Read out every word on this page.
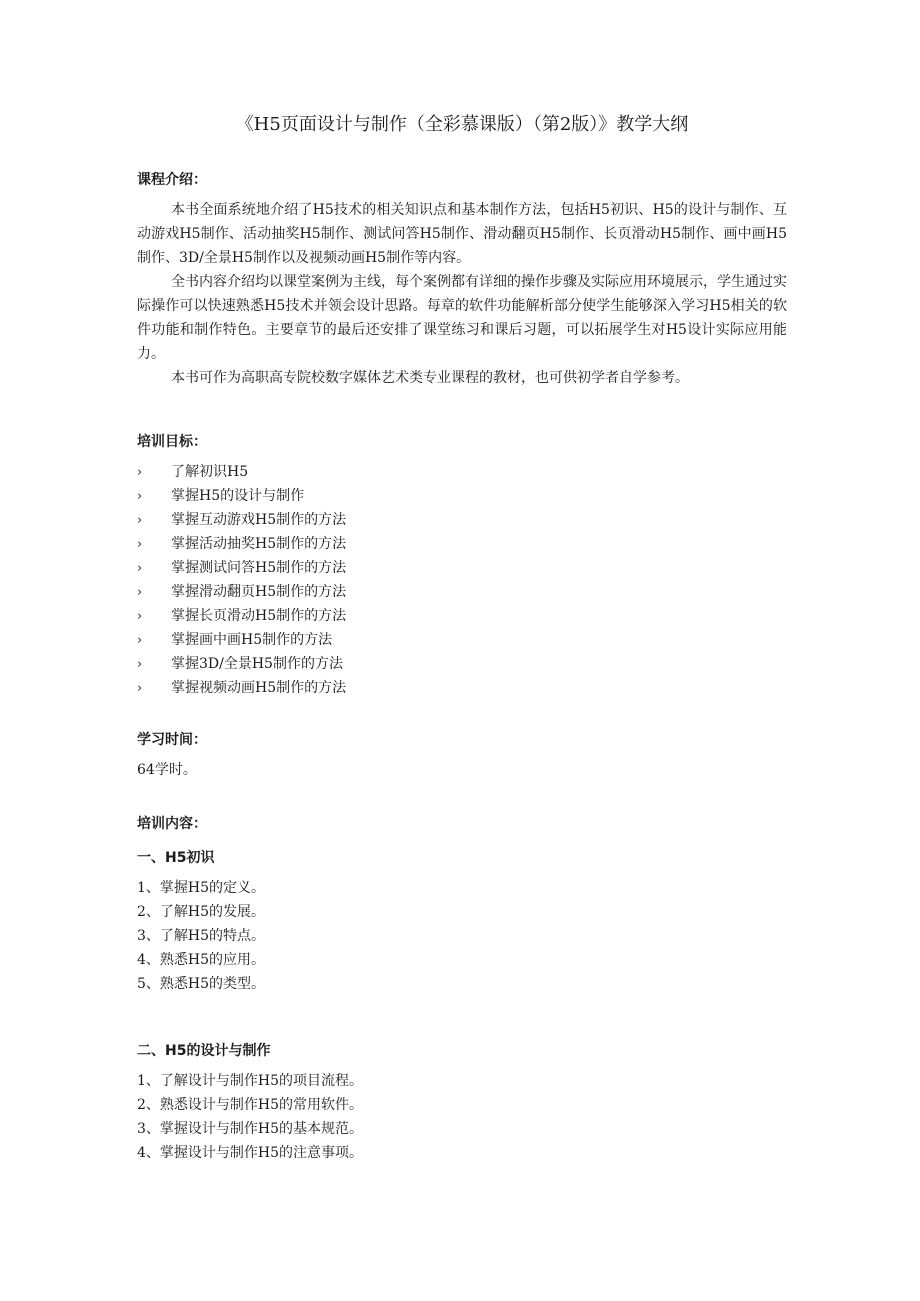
《H5页面设计与制作（全彩慕课版）（第2版）》教学大纲
课程介绍：

本书全面系统地介绍了H5技术的相关知识点和基本制作方法，包括H5初识、H5的设计与制作、互动游戏H5制作、活动抽奖H5制作、测试问答H5制作、滑动翻页H5制作、长页滑动H5制作、画中画H5制作、3D/全景H5制作以及视频动画H5制作等内容。

全书内容介绍均以课堂案例为主线，每个案例都有详细的操作步骤及实际应用环境展示，学生通过实际操作可以快速熟悉H5技术并领会设计思路。每章的软件功能解析部分使学生能够深入学习H5相关的软件功能和制作特色。主要章节的最后还安排了课堂练习和课后习题，可以拓展学生对H5设计实际应用能力。

本书可作为高职高专院校数字媒体艺术类专业课程的教材，也可供初学者自学参考。

培训目标：
› 了解初识H5
› 掌握H5的设计与制作
› 掌握互动游戏H5制作的方法
› 掌握活动抽奖H5制作的方法
› 掌握测试问答H5制作的方法
› 掌握滑动翻页H5制作的方法
› 掌握长页滑动H5制作的方法
› 掌握画中画H5制作的方法
› 掌握3D/全景H5制作的方法
› 掌握视频动画H5制作的方法
学习时间：
64学时。
培训内容：
一、H5初识
1、掌握H5的定义。
2、了解H5的发展。
3、了解H5的特点。
4、熟悉H5的应用。
5、熟悉H5的类型。
二、H5的设计与制作
1、了解设计与制作H5的项目流程。
2、熟悉设计与制作H5的常用软件。
3、掌握设计与制作H5的基本规范。
4、掌握设计与制作H5的注意事项。
